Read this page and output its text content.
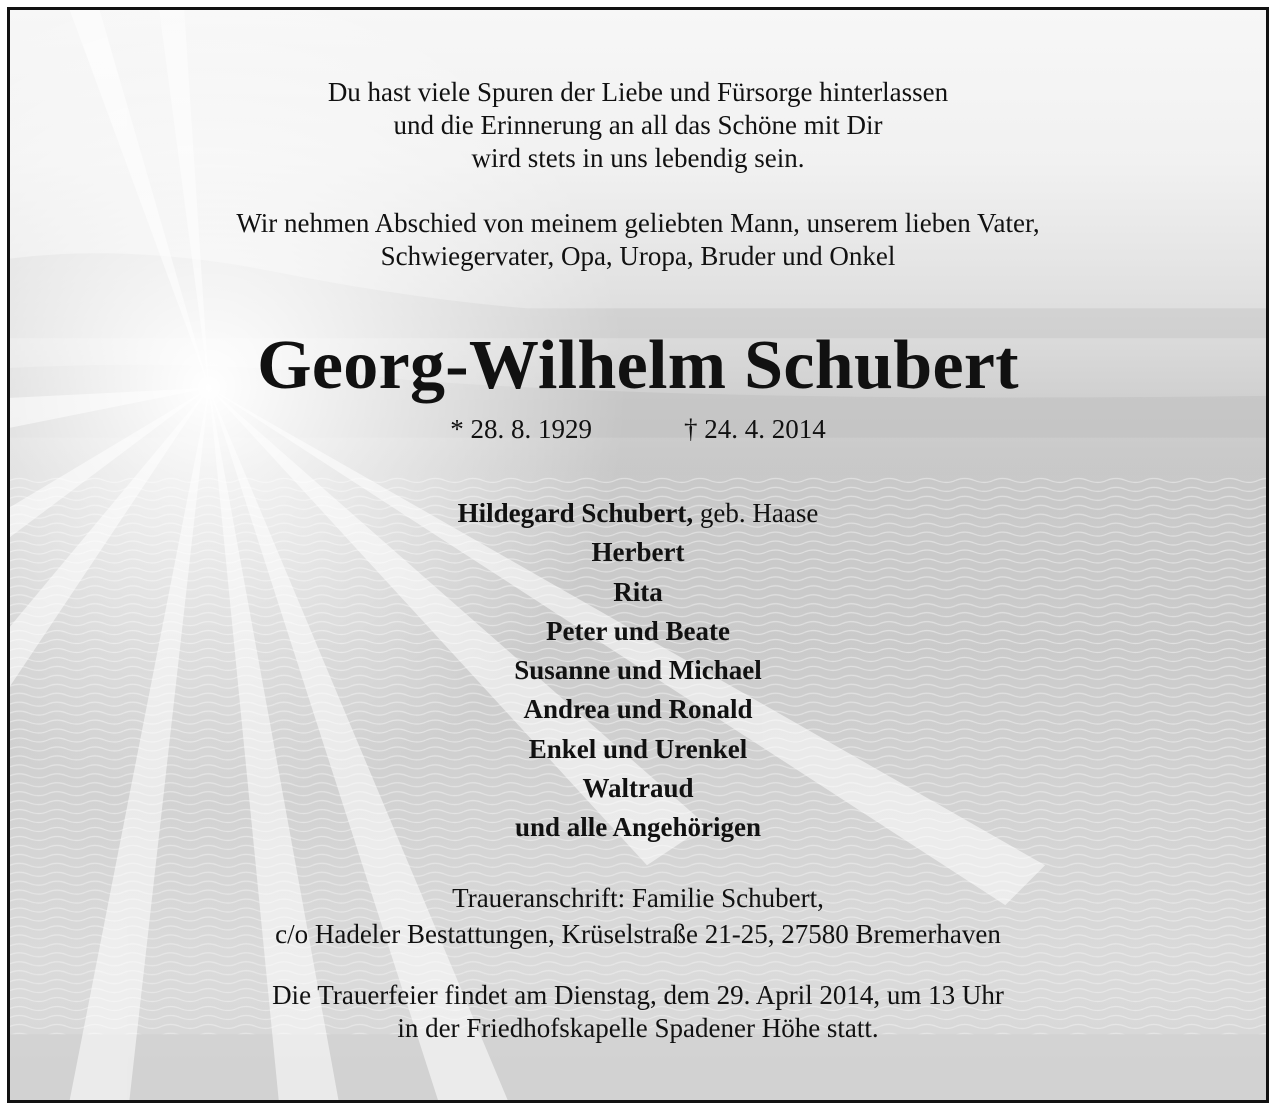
Du hast viele Spuren der Liebe und Fürsorge hinterlassen
und die Erinnerung an all das Schöne mit Dir
wird stets in uns lebendig sein.
Wir nehmen Abschied von meinem geliebten Mann, unserem lieben Vater,
Schwiegervater, Opa, Uropa, Bruder und Onkel
Georg-Wilhelm Schubert
* 28. 8. 1929	† 24. 4. 2014
Hildegard Schubert, geb. Haase
Herbert
Rita
Peter und Beate
Susanne und Michael
Andrea und Ronald
Enkel und Urenkel
Waltraud
und alle Angehörigen
Traueranschrift: Familie Schubert,
c/o Hadeler Bestattungen, Krüselstraße 21-25, 27580 Bremerhaven
Die Trauerfeier findet am Dienstag, dem 29. April 2014, um 13 Uhr
in der Friedhofskapelle Spadener Höhe statt.
